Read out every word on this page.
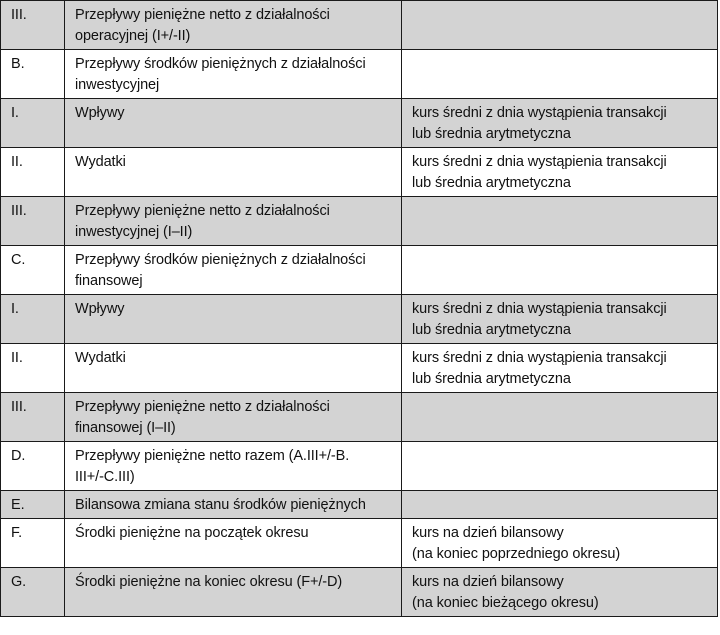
III.	Przepływy pieniężne netto z działalności
operacyjnej (I+/-II)	

B.	Przepływy środków pieniężnych z działalności
inwestycyjnej	

I.	Wpływy	kurs średni z dnia wystąpienia transakcji
lub średnia arytmetyczna

II.	Wydatki	kurs średni z dnia wystąpienia transakcji
lub średnia arytmetyczna

III.	Przepływy pieniężne netto z działalności
inwestycyjnej (I–II)	

C.	Przepływy środków pieniężnych z działalności
finansowej	

I.	Wpływy	kurs średni z dnia wystąpienia transakcji
lub średnia arytmetyczna

II.	Wydatki	kurs średni z dnia wystąpienia transakcji
lub średnia arytmetyczna

III.	Przepływy pieniężne netto z działalności
finansowej (I–II)	

D.	Przepływy pieniężne netto razem (A.III+/-B.
III+/-C.III)	

E.	Bilansowa zmiana stanu środków pieniężnych	

F.	Środki pieniężne na początek okresu	kurs na dzień bilansowy
(na koniec poprzedniego okresu)

G.	Środki pieniężne na koniec okresu (F+/-D)	kurs na dzień bilansowy
(na koniec bieżącego okresu)
